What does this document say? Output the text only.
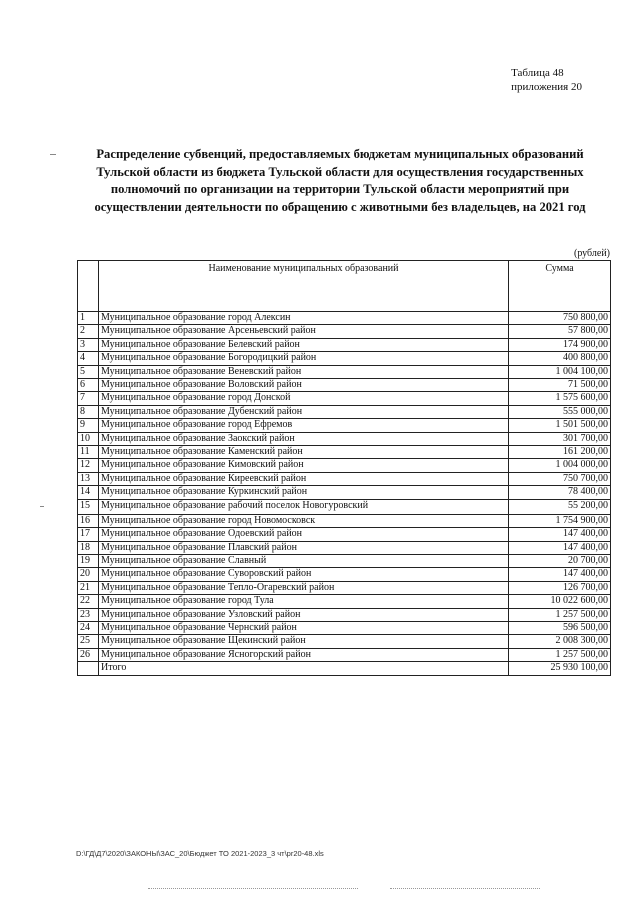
Таблица 48
приложения 20
Распределение субвенций, предоставляемых бюджетам муниципальных образований
Тульской области из бюджета Тульской области для осуществления государственных
полномочий по организации на территории Тульской области мероприятий при
осуществлении деятельности по обращению с животными без владельцев, на 2021 год
(рублей)
	Наименование муниципальных образований	Сумма
1	Муниципальное образование город Алексин	750 800,00
2	Муниципальное образование Арсеньевский район	57 800,00
3	Муниципальное образование Белевский район	174 900,00
4	Муниципальное образование Богородицкий район	400 800,00
5	Муниципальное образование Веневский район	1 004 100,00
6	Муниципальное образование Воловский район	71 500,00
7	Муниципальное образование город Донской	1 575 600,00
8	Муниципальное образование Дубенский район	555 000,00
9	Муниципальное образование город Ефремов	1 501 500,00
10	Муниципальное образование Заокский район	301 700,00
11	Муниципальное образование Каменский район	161 200,00
12	Муниципальное образование Кимовский район	1 004 000,00
13	Муниципальное образование Киреевский район	750 700,00
14	Муниципальное образование Куркинский район	78 400,00
15	Муниципальное образование рабочий поселок Новогуровский	55 200,00
16	Муниципальное образование город Новомосковск	1 754 900,00
17	Муниципальное образование Одоевский район	147 400,00
18	Муниципальное образование Плавский район	147 400,00
19	Муниципальное образование Славный	20 700,00
20	Муниципальное образование Суворовский район	147 400,00
21	Муниципальное образование Тепло-Огаревский район	126 700,00
22	Муниципальное образование город Тула	10 022 600,00
23	Муниципальное образование Узловский район	1 257 500,00
24	Муниципальное образование Чернский район	596 500,00
25	Муниципальное образование Щекинский район	2 008 300,00
26	Муниципальное образование Ясногорский район	1 257 500,00
	Итого	25 930 100,00
D:\ГД\Д7\2020\ЗАКОНЫ\ЗАС_20\Бюджет ТО 2021-2023_3 чт\pr20-48.xls
